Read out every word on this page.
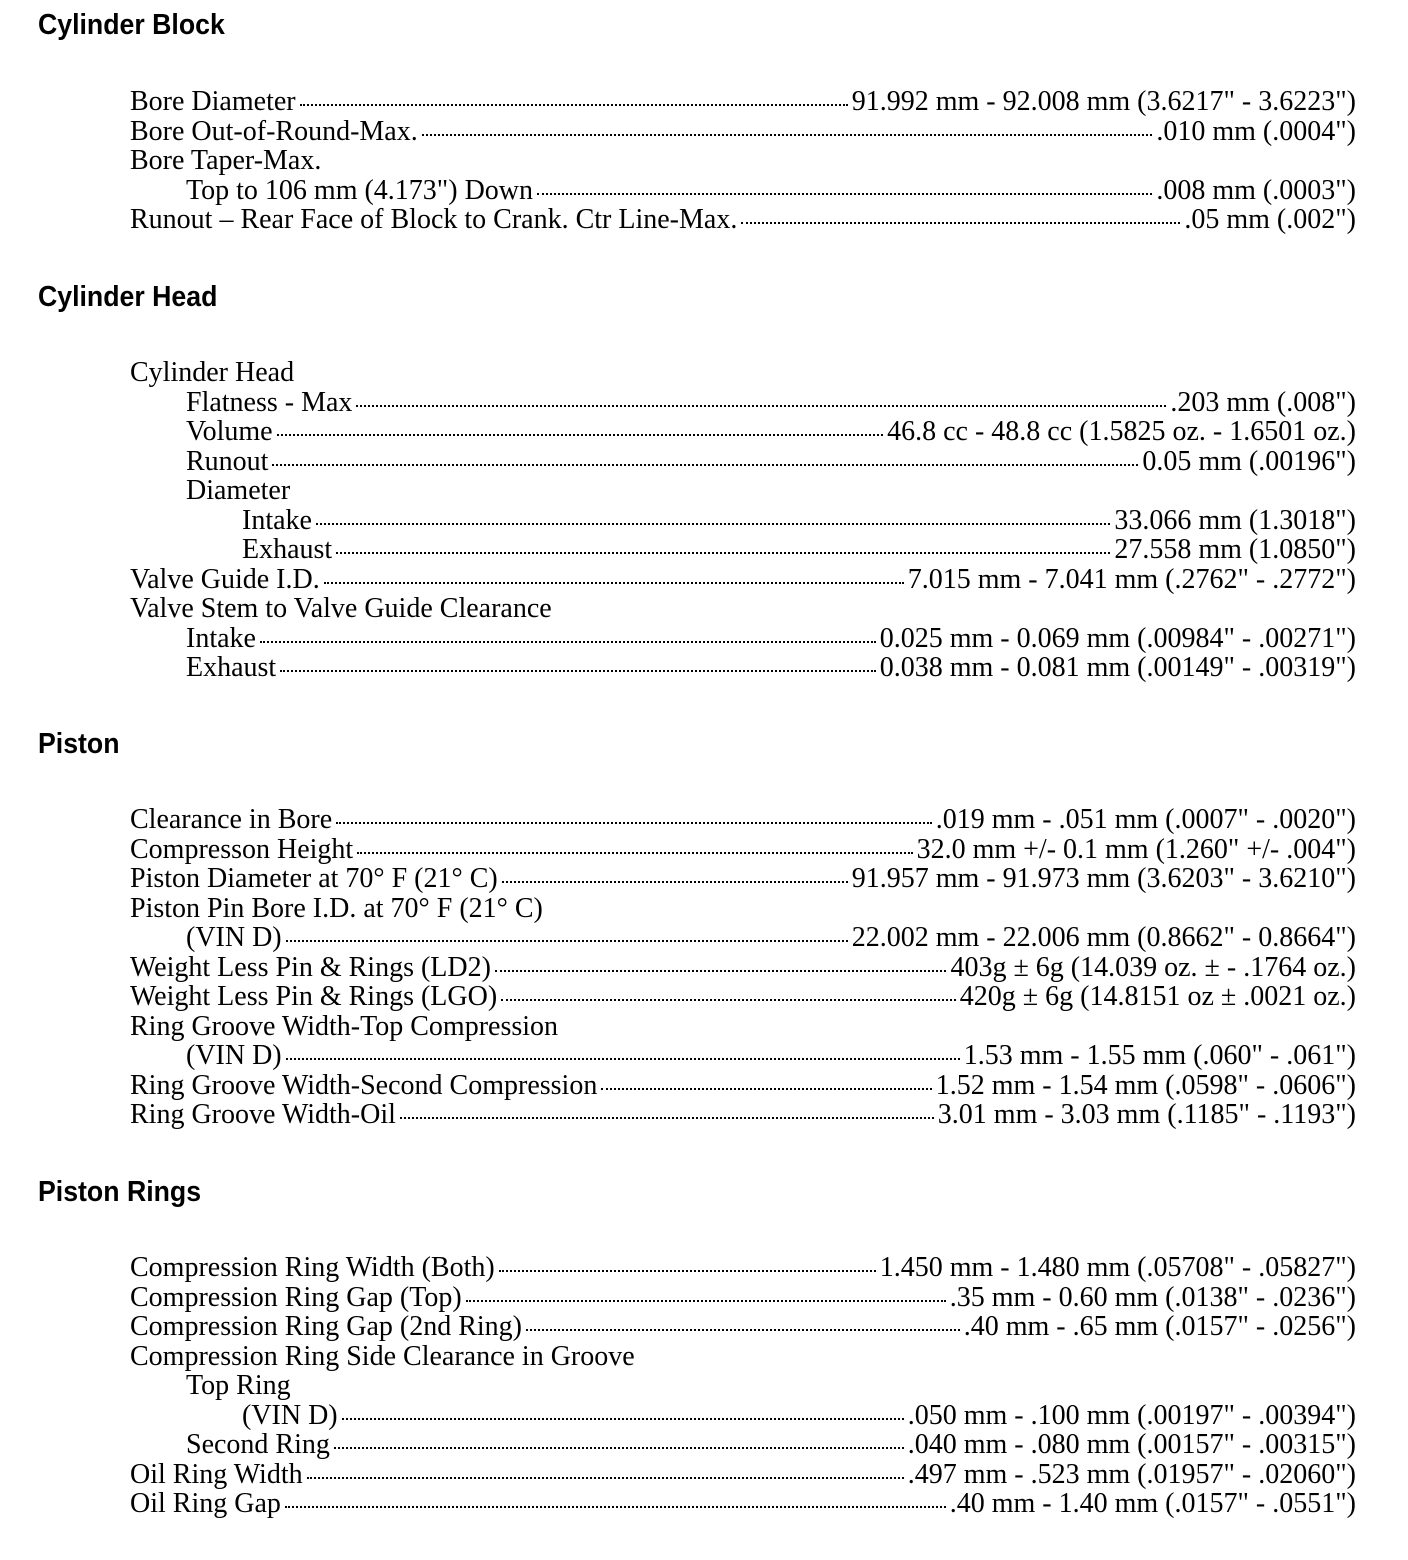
Cylinder Block
Bore Diameter	91.992 mm - 92.008 mm (3.6217" - 3.6223")
Bore Out-of-Round-Max.	.010 mm (.0004")
Bore Taper-Max.
Top to 106 mm (4.173") Down	.008 mm (.0003")
Runout – Rear Face of Block to Crank. Ctr Line-Max.	.05 mm (.002")
Cylinder Head
Cylinder Head
Flatness - Max	.203 mm (.008")
Volume	46.8 cc - 48.8 cc (1.5825 oz. - 1.6501 oz.)
Runout	0.05 mm (.00196")
Diameter
Intake	33.066 mm (1.3018")
Exhaust	27.558 mm (1.0850")
Valve Guide I.D.	7.015 mm - 7.041 mm (.2762" - .2772")
Valve Stem to Valve Guide Clearance
Intake	0.025 mm - 0.069 mm (.00984" - .00271")
Exhaust	0.038 mm - 0.081 mm (.00149" - .00319")
Piston
Clearance in Bore	.019 mm - .051 mm (.0007" - .0020")
Compresson Height	32.0 mm +/- 0.1 mm (1.260" +/- .004")
Piston Diameter at 70° F (21° C)	91.957 mm - 91.973 mm (3.6203" - 3.6210")
Piston Pin Bore I.D. at 70° F (21° C)
(VIN D)	22.002 mm - 22.006 mm (0.8662" - 0.8664")
Weight Less Pin & Rings (LD2)	403g ± 6g (14.039 oz. ± - .1764 oz.)
Weight Less Pin & Rings (LGO)	420g ± 6g (14.8151 oz ± .0021 oz.)
Ring Groove Width-Top Compression
(VIN D)	1.53 mm - 1.55 mm (.060" - .061")
Ring Groove Width-Second Compression	1.52 mm - 1.54 mm (.0598" - .0606")
Ring Groove Width-Oil	3.01 mm - 3.03 mm (.1185" - .1193")
Piston Rings
Compression Ring Width (Both)	1.450 mm - 1.480 mm (.05708" - .05827")
Compression Ring Gap (Top)	.35 mm - 0.60 mm (.0138" - .0236")
Compression Ring Gap (2nd Ring)	.40 mm - .65 mm (.0157" - .0256")
Compression Ring Side Clearance in Groove
Top Ring
(VIN D)	.050 mm - .100 mm (.00197" - .00394")
Second Ring	.040 mm - .080 mm (.00157" - .00315")
Oil Ring Width	.497 mm - .523 mm (.01957" - .02060")
Oil Ring Gap	.40 mm - 1.40 mm (.0157" - .0551")
